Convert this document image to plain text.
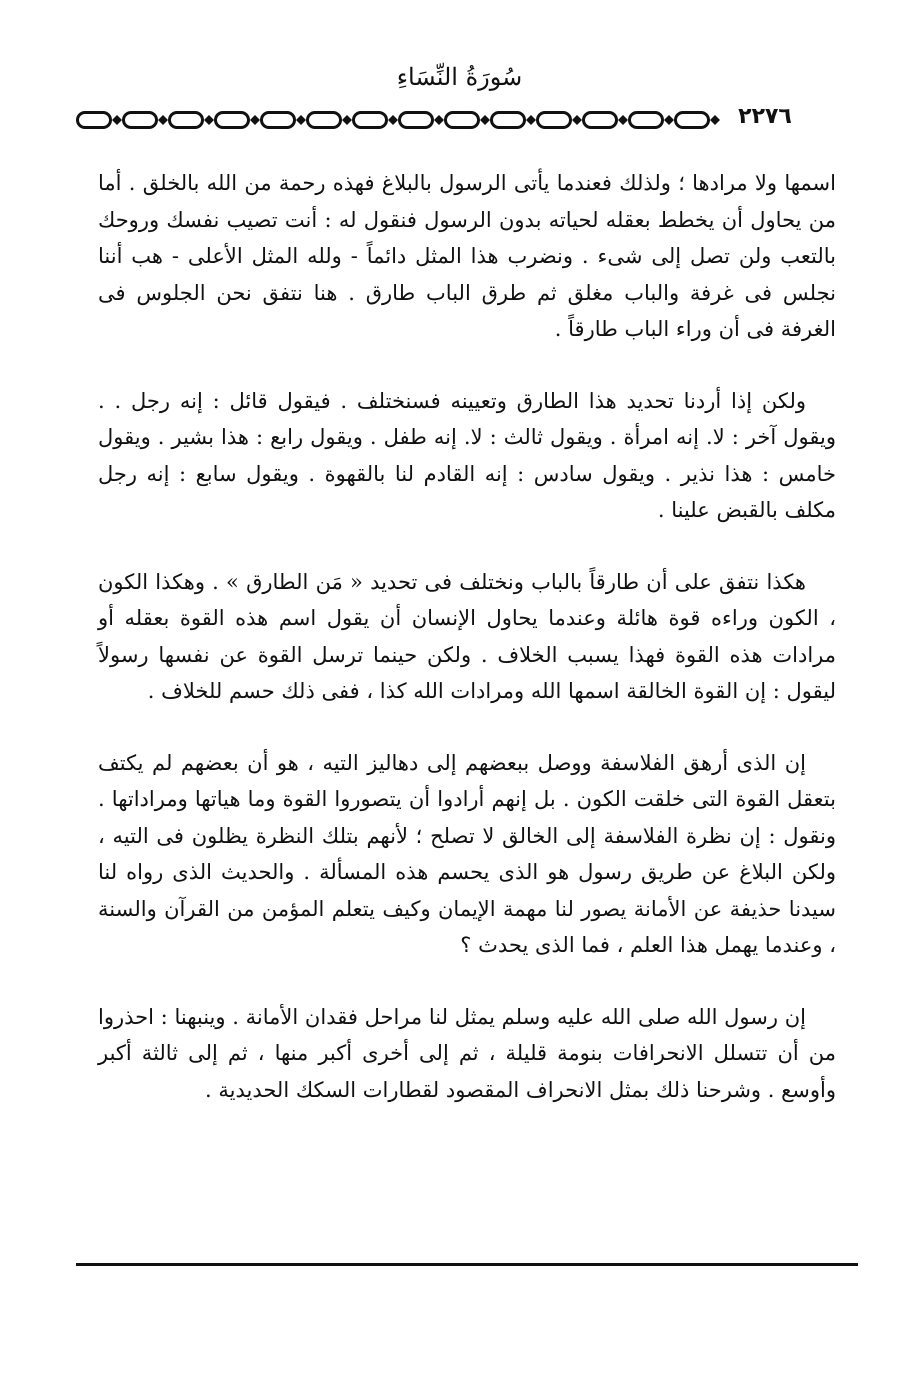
سُورَةُ النِّسَاءِ
٢٢٧٦

اسمها ولا مرادها ؛ ولذلك فعندما يأتى الرسول بالبلاغ فهذه رحمة من الله بالخلق . أما من يحاول أن يخطط بعقله لحياته بدون الرسول فنقول له : أنت تصيب نفسك وروحك بالتعب ولن تصل إلى شىء . ونضرب هذا المثل دائماً - ولله المثل الأعلى - هب أننا نجلس فى غرفة والباب مغلق ثم طرق الباب طارق . هنا نتفق نحن الجلوس فى الغرفة فى أن وراء الباب طارقاً .

ولكن إذا أردنا تحديد هذا الطارق وتعيينه فسنختلف . فيقول قائل : إنه رجل . . ويقول آخر : لا. إنه امرأة . ويقول ثالث : لا. إنه طفل . ويقول رابع : هذا بشير . ويقول خامس : هذا نذير . ويقول سادس : إنه القادم لنا بالقهوة . ويقول سابع : إنه رجل مكلف بالقبض علينا .

هكذا نتفق على أن طارقاً بالباب ونختلف فى تحديد « مَن الطارق » . وهكذا الكون ، الكون وراءه قوة هائلة وعندما يحاول الإنسان أن يقول اسم هذه القوة بعقله أو مرادات هذه القوة فهذا يسبب الخلاف . ولكن حينما ترسل القوة عن نفسها رسولاً ليقول : إن القوة الخالقة اسمها الله ومرادات الله كذا ، ففى ذلك حسم للخلاف .

إن الذى أرهق الفلاسفة ووصل ببعضهم إلى دهاليز التيه ، هو أن بعضهم لم يكتف بتعقل القوة التى خلقت الكون . بل إنهم أرادوا أن يتصوروا القوة وما هياتها ومراداتها . ونقول : إن نظرة الفلاسفة إلى الخالق لا تصلح ؛ لأنهم بتلك النظرة يظلون فى التيه ، ولكن البلاغ عن طريق رسول هو الذى يحسم هذه المسألة . والحديث الذى رواه لنا سيدنا حذيفة عن الأمانة يصور لنا مهمة الإيمان وكيف يتعلم المؤمن من القرآن والسنة ، وعندما يهمل هذا العلم ، فما الذى يحدث ؟

إن رسول الله صلى الله عليه وسلم يمثل لنا مراحل فقدان الأمانة . وينبهنا : احذروا من أن تتسلل الانحرافات بنومة قليلة ، ثم إلى أخرى أكبر منها ، ثم إلى ثالثة أكبر وأوسع . وشرحنا ذلك بمثل الانحراف المقصود لقطارات السكك الحديدية .
